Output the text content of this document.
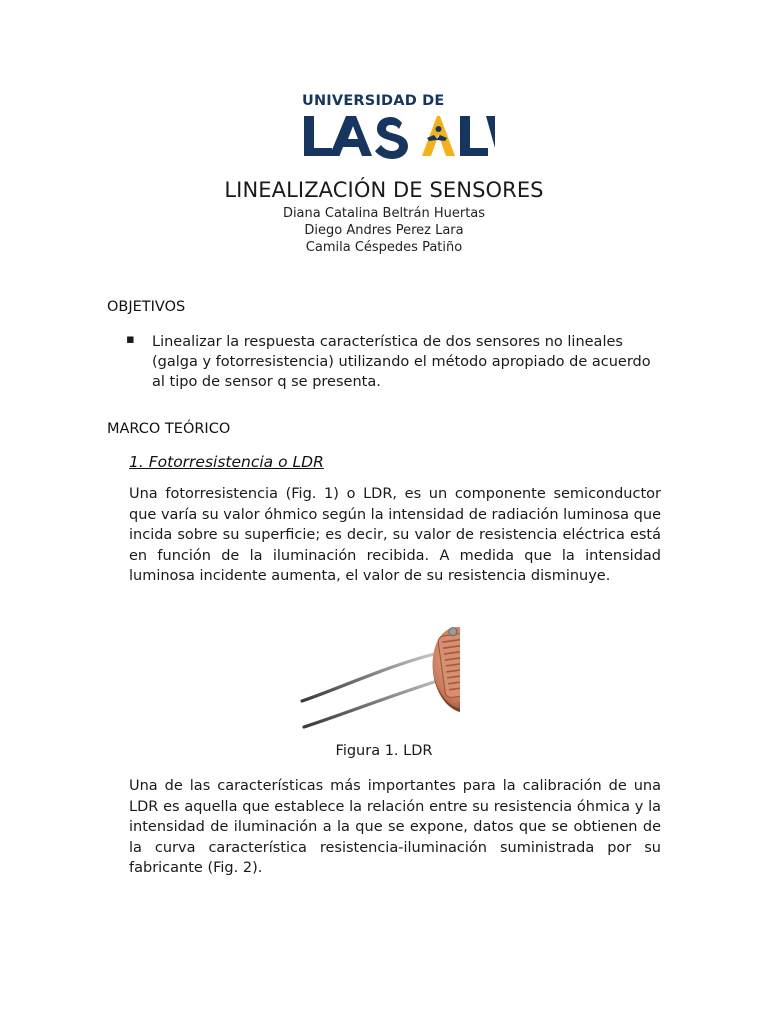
UNIVERSIDAD DE
LINEALIZACIÓN DE SENSORES
Diana Catalina Beltrán Huertas
Diego Andres Perez Lara
Camila Céspedes Patiño
OBJETIVOS
▪ Linealizar la respuesta característica de dos sensores no lineales (galga y fotorresistencia) utilizando el método apropiado de acuerdo al tipo de sensor q se presenta.
MARCO TEÓRICO
1. Fotorresistencia o LDR
Una fotorresistencia (Fig. 1) o LDR, es un componente semiconductor que varía su valor óhmico según la intensidad de radiación luminosa que incida sobre su superficie; es decir, su valor de resistencia eléctrica está en función de la iluminación recibida. A medida que la intensidad luminosa incidente aumenta, el valor de su resistencia disminuye.
Figura 1. LDR
Una de las características más importantes para la calibración de una LDR es aquella que establece la relación entre su resistencia óhmica y la intensidad de iluminación a la que se expone, datos que se obtienen de la curva característica resistencia-iluminación suministrada por su fabricante (Fig. 2).
